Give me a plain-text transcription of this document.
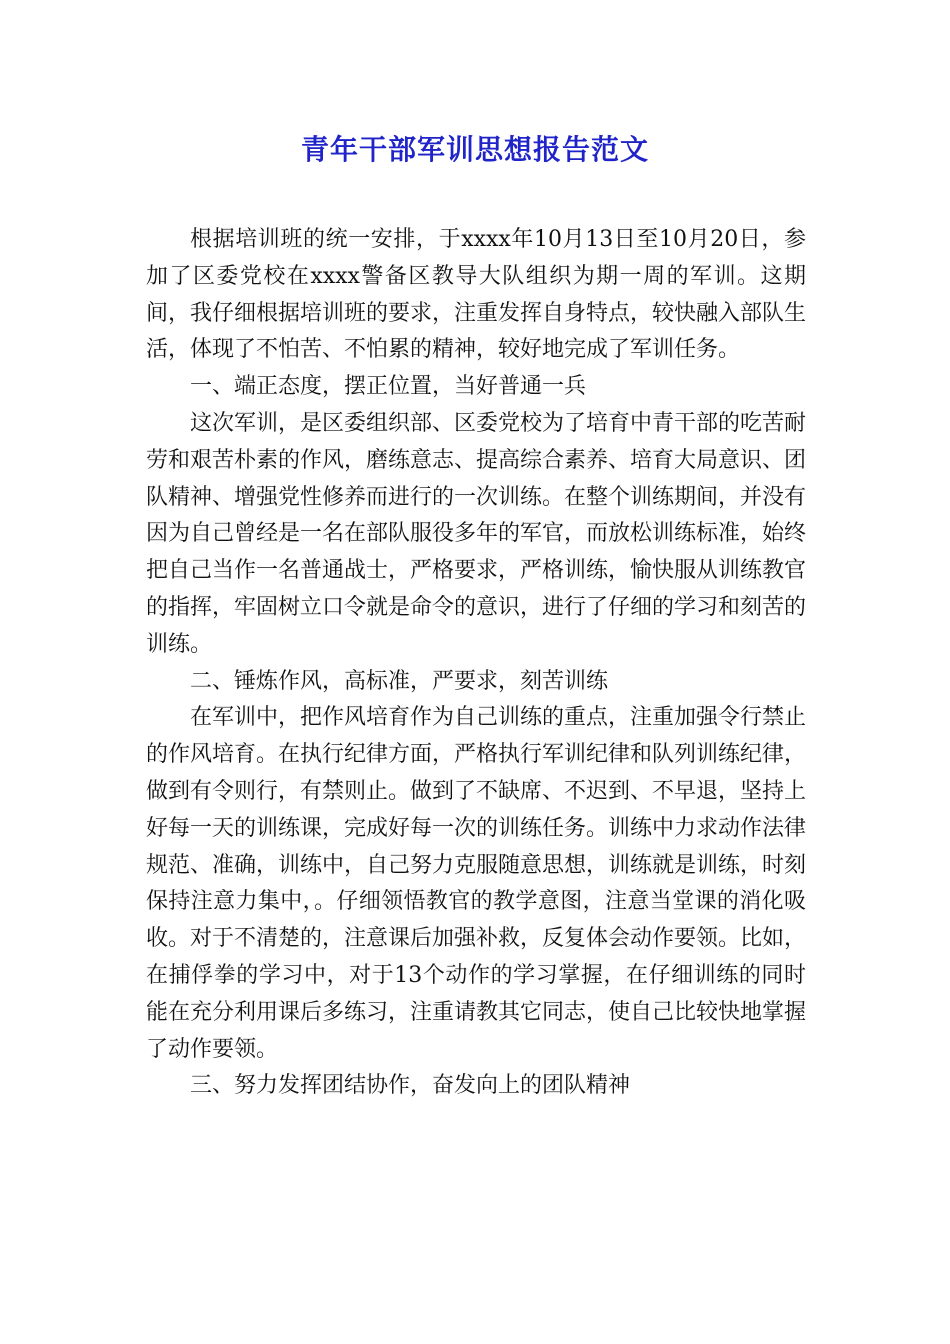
青年干部军训思想报告范文

根据培训班的统一安排，于xxxx年10月13日至10月20日，参加了区委党校在xxxx警备区教导大队组织为期一周的军训。这期间，我仔细根据培训班的要求，注重发挥自身特点，较快融入部队生活，体现了不怕苦、不怕累的精神，较好地完成了军训任务。

一、端正态度，摆正位置，当好普通一兵

这次军训，是区委组织部、区委党校为了培育中青干部的吃苦耐劳和艰苦朴素的作风，磨练意志、提高综合素养、培育大局意识、团队精神、增强党性修养而进行的一次训练。在整个训练期间，并没有因为自己曾经是一名在部队服役多年的军官，而放松训练标准，始终把自己当作一名普通战士，严格要求，严格训练，愉快服从训练教官的指挥，牢固树立口令就是命令的意识，进行了仔细的学习和刻苦的训练。

二、锤炼作风，高标准，严要求，刻苦训练

在军训中，把作风培育作为自己训练的重点，注重加强令行禁止的作风培育。在执行纪律方面，严格执行军训纪律和队列训练纪律，做到有令则行，有禁则止。做到了不缺席、不迟到、不早退，坚持上好每一天的训练课，完成好每一次的训练任务。训练中力求动作法律规范、准确，训练中，自己努力克服随意思想，训练就是训练，时刻保持注意力集中，。仔细领悟教官的教学意图，注意当堂课的消化吸收。对于不清楚的，注意课后加强补救，反复体会动作要领。比如，在捕俘拳的学习中，对于13个动作的学习掌握，在仔细训练的同时能在充分利用课后多练习，注重请教其它同志，使自己比较快地掌握了动作要领。

三、努力发挥团结协作，奋发向上的团队精神
